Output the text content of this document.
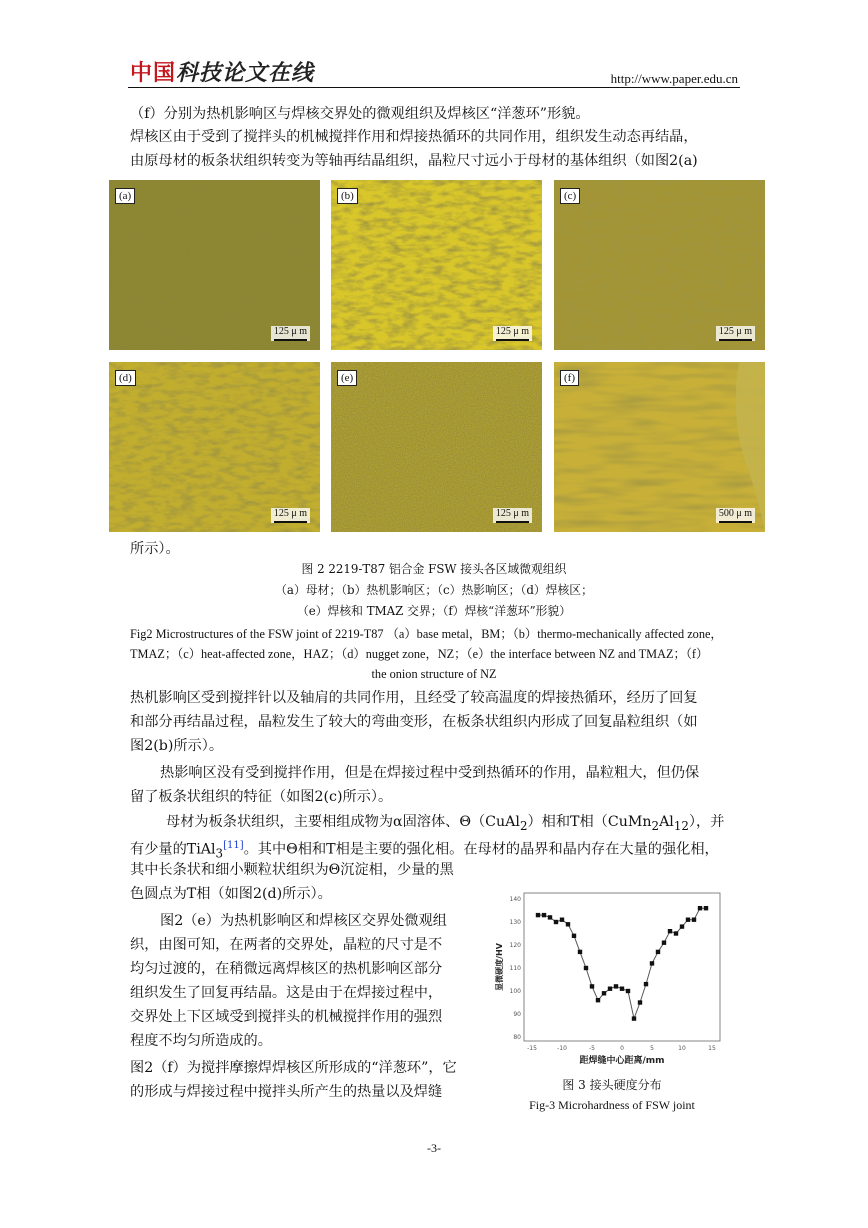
中国科技论文在线	http://www.paper.edu.cn
（f）分别为热机影响区与焊核交界处的微观组织及焊核区“洋葱环”形貌。
焊核区由于受到了搅拌头的机械搅拌作用和焊接热循环的共同作用，组织发生动态再结晶，
由原母材的板条状组织转变为等轴再结晶组织，晶粒尺寸远小于母材的基体组织（如图2(a)
(a)
125 μ m
(b)
125 μ m
(c)
125 μ m
(d)
125 μ m
(e)
125 μ m
(f)
500 μ m
所示）。
图 2 2219-T87 铝合金 FSW 接头各区域微观组织
（a）母材；（b）热机影响区；（c）热影响区；（d）焊核区；
（e）焊核和 TMAZ 交界；（f）焊核“洋葱环”形貌）
Fig2 Microstructures of the FSW joint of 2219-T87 （a）base metal，BM；（b）thermo-mechanically affected zone，
TMAZ；（c）heat-affected zone，HAZ；（d）nugget zone，NZ；（e）the interface between NZ and TMAZ；（f）
the onion structure of NZ
热机影响区受到搅拌针以及轴肩的共同作用，且经受了较高温度的焊接热循环，经历了回复
和部分再结晶过程，晶粒发生了较大的弯曲变形，在板条状组织内形成了回复晶粒组织（如
图2(b)所示）。
热影响区没有受到搅拌作用，但是在焊接过程中受到热循环的作用，晶粒粗大，但仍保
留了板条状组织的特征（如图2(c)所示）。
母材为板条状组织，主要相组成物为α固溶体、Θ（CuAl$_2$）相和T相$(CuMn_2Al_{12})$，并
有少量的TiAl$_3$[11]。其中Θ相和T相是主要的强化相。在母材的晶界和晶内存在大量的强化相，
其中长条状和细小颗粒状组织为Θ沉淀相，少量的黑
色圆点为T相（如图2(d)所示）。
图2（e）为热机影响区和焊核区交界处微观组
织，由图可知，在两者的交界处，晶粒的尺寸是不
均匀过渡的，在稍微远离焊核区的热机影响区部分
组织发生了回复再结晶。这是由于在焊接过程中，
交界处上下区域受到搅拌头的机械搅拌作用的强烈
程度不均匀所造成的。
图2（f）为搅拌摩擦焊焊核区所形成的“洋葱环”，它
的形成与焊接过程中搅拌头所产生的热量以及焊缝
显微硬度/HV
距焊缝中心距离/mm
-15	-10	-5	0	5	10	15
80
90
100
110
120
130
140
图 3 接头硬度分布
Fig-3 Microhardness of FSW joint
-3-
